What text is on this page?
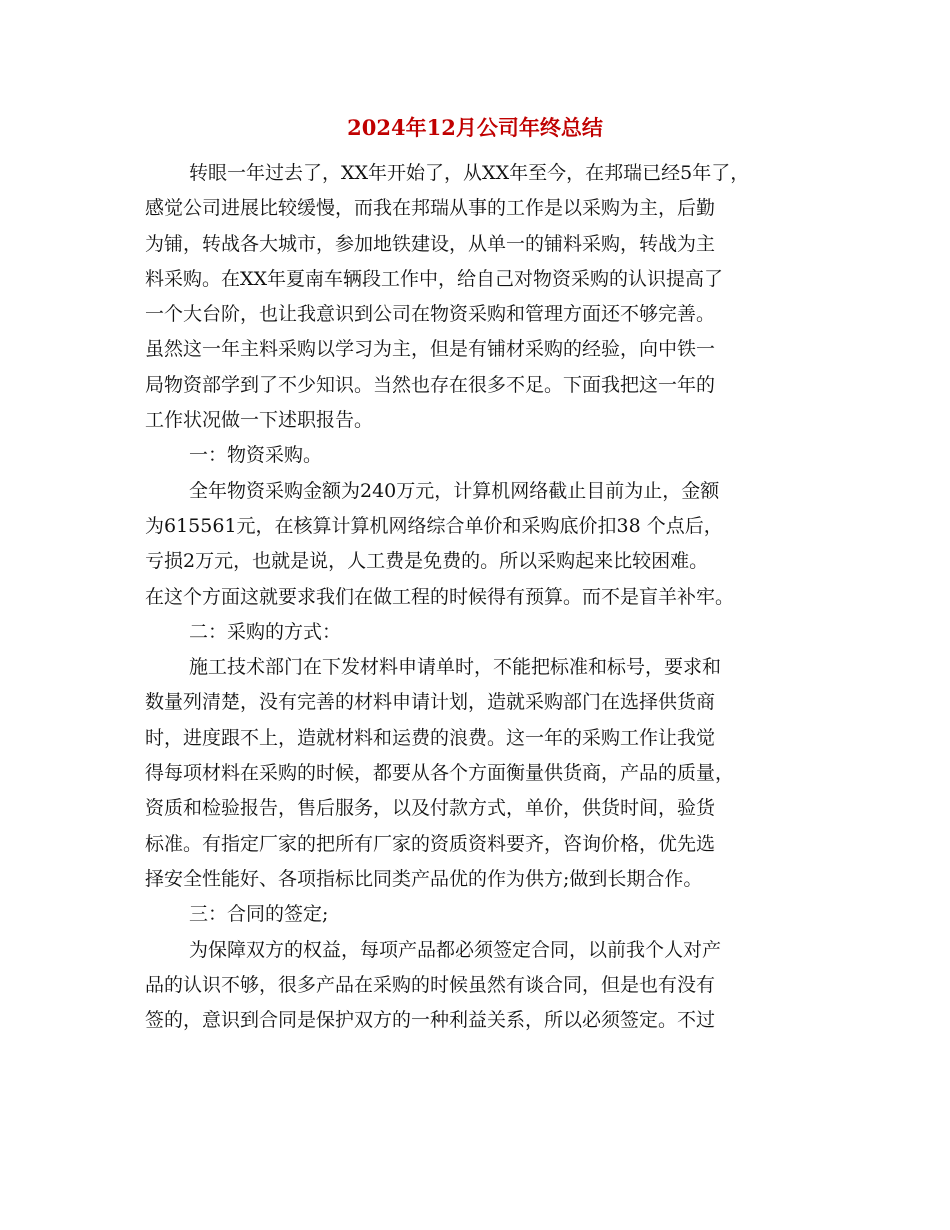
2024年12月公司年终总结
转眼一年过去了，XX年开始了，从XX年至今，在邦瑞已经5年了，
感觉公司进展比较缓慢，而我在邦瑞从事的工作是以采购为主，后勤
为铺，转战各大城市，参加地铁建设，从单一的铺料采购，转战为主
料采购。在XX年夏南车辆段工作中，给自己对物资采购的认识提高了
一个大台阶，也让我意识到公司在物资采购和管理方面还不够完善。
虽然这一年主料采购以学习为主，但是有铺材采购的经验，向中铁一
局物资部学到了不少知识。当然也存在很多不足。下面我把这一年的
工作状况做一下述职报告。
一：物资采购。
全年物资采购金额为240万元，计算机网络截止目前为止，金额
为615561元，在核算计算机网络综合单价和采购底价扣38 个点后，
亏损2万元，也就是说，人工费是免费的。所以采购起来比较困难。
在这个方面这就要求我们在做工程的时候得有预算。而不是盲羊补牢。
二：采购的方式：
施工技术部门在下发材料申请单时，不能把标准和标号，要求和
数量列清楚，没有完善的材料申请计划，造就采购部门在选择供货商
时，进度跟不上，造就材料和运费的浪费。这一年的采购工作让我觉
得每项材料在采购的时候，都要从各个方面衡量供货商，产品的质量，
资质和检验报告，售后服务，以及付款方式，单价，供货时间，验货
标准。有指定厂家的把所有厂家的资质资料要齐，咨询价格，优先选
择安全性能好、各项指标比同类产品优的作为供方;做到长期合作。
三：合同的签定;
为保障双方的权益，每项产品都必须签定合同，以前我个人对产
品的认识不够，很多产品在采购的时候虽然有谈合同，但是也有没有
签的，意识到合同是保护双方的一种利益关系，所以必须签定。不过
